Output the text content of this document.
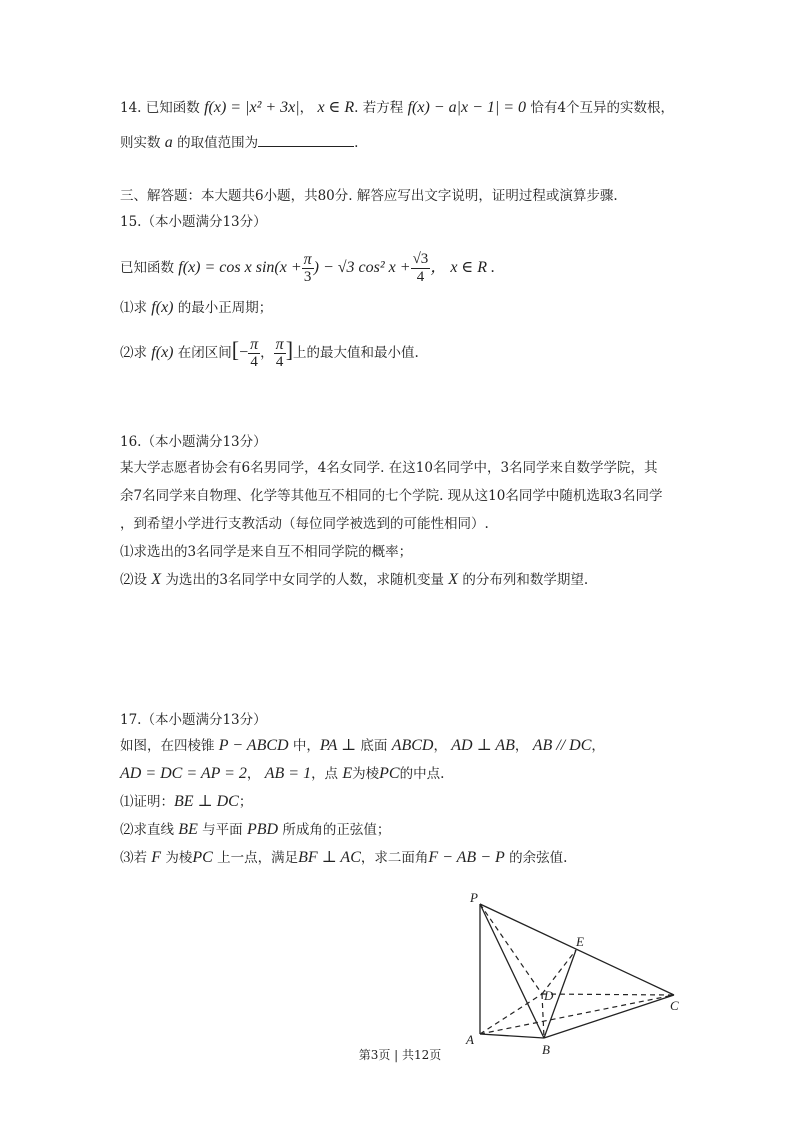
14. 已知函数 f(x) = |x² + 3x|， x ∈ R. 若方程 f(x) − a|x − 1| = 0 恰有4个互异的实数根，
则实数 a 的取值范围为	.
三、解答题：本大题共6小题，共80分. 解答应写出文字说明，证明过程或演算步骤.
15.（本小题满分13分）
已知函数 f(x) = cos x $\sin(x + \frac{\pi}{3}$ ) − √3 cos² $x + \frac{√3}{4}$ ， x ∈ R .
⑴求 f(x) 的最小正周期；
⑵求 f(x) 在闭区间[− $\frac{\pi}{4}$ ， $\frac{\pi}{4}$ ]上的最大值和最小值.
16.（本小题满分13分）
某大学志愿者协会有6名男同学，4名女同学. 在这10名同学中，3名同学来自数学学院，其
余7名同学来自物理、化学等其他互不相同的七个学院. 现从这10名同学中随机选取3名同学
，到希望小学进行支教活动（每位同学被选到的可能性相同）.
⑴求选出的3名同学是来自互不相同学院的概率；
⑵设 X 为选出的3名同学中女同学的人数，求随机变量 X 的分布列和数学期望.
17.（本小题满分13分）
如图，在四棱锥 P − ABCD 中，PA ⊥ 底面 ABCD， AD ⊥ AB， AB // DC，
AD = DC = AP = 2， AB = 1，点 E为棱PC的中点.
⑴证明：BE ⊥ DC；
⑵求直线 BE 与平面 PBD 所成角的正弦值；
⑶若 F 为棱PC 上一点，满足BF ⊥ AC，求二面角F − AB − P 的余弦值.
P
E
D
C
A
B
第3页 | 共12页
